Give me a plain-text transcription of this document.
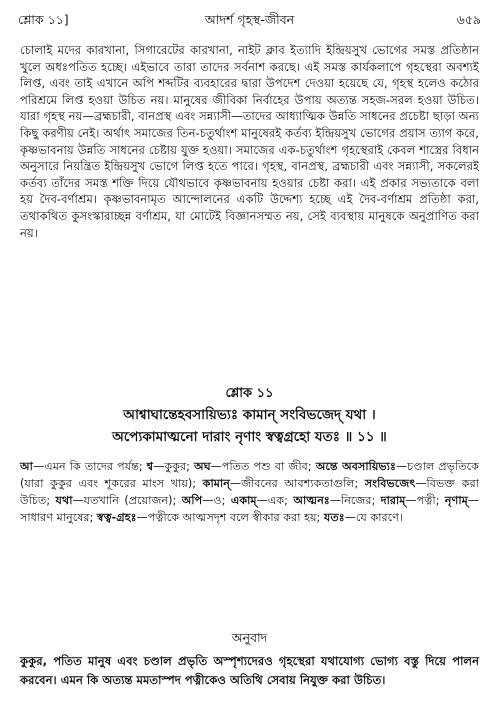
আদর্শ গৃহস্থ-জীবন
শ্লোক ১১]	৬৫৯

চোলাই মদের কারখানা, সিগারেটের কারখানা, নাইট ক্লাব ইত্যাদি ইন্দ্রিয়সুখ ভোগের সমস্ত প্রতিষ্ঠান খুলে অধঃপতিত হচ্ছে। এইভাবে তারা তাদের সর্বনাশ করছে। এই সমস্ত কার্যকলাপে গৃহস্থেরা অবশ্যই লিপ্ত, এবং তাই এখানে অপি শব্দটির ব্যবহারের দ্বারা উপদেশ দেওয়া হয়েছে যে, গৃহস্থ হলেও কঠোর পরিশ্রমে লিপ্ত হওয়া উচিত নয়। মানুষের জীবিকা নির্বাহের উপায় অত্যন্ত সহজ-সরল হওয়া উচিত। যারা গৃহস্থ নয়—ব্রহ্মচারী, বানপ্রস্থ এবং সন্ন্যাসী—তাদের আধ্যাত্মিক উন্নতি সাধনের প্রচেষ্টা ছাড়া অন্য কিছু করণীয় নেই। অর্থাৎ সমাজের তিন-চতুর্থাংশ মানুষেরই কর্তব্য ইন্দ্রিয়সুখ ভোগের প্রয়াস ত্যাগ করে, কৃষ্ণভাবনায় উন্নতি সাধনের চেষ্টায় যুক্ত হওয়া। সমাজের এক-চতুর্থাংশ গৃহস্থেরাই কেবল শাস্ত্রের বিধান অনুসারে নিয়ন্ত্রিত ইন্দ্রিয়সুখ ভোগে লিপ্ত হতে পারে। গৃহস্থ, বানপ্রস্থ, ব্রহ্মচারী এবং সন্ন্যাসী, সকলেরই কর্তব্য তাঁদের সমস্ত শক্তি দিয়ে যৌথভাবে কৃষ্ণভাবনায় হওয়ার চেষ্টা করা। এই প্রকার সভ্যতাকে বলা হয় দৈব-বর্ণাশ্রম। কৃষ্ণভাবনামৃত আন্দোলনের একটি উদ্দেশ্য হচ্ছে এই দৈব-বর্ণাশ্রম প্রতিষ্ঠা করা, তথাকথিত কুসংস্কারাচ্ছন্ন বর্ণাশ্রম, যা মোটেই বিজ্ঞানসম্মত নয়, সেই ব্যবস্থায় মানুষকে অনুপ্রাণিত করা নয়।

শ্লোক ১১
আশ্বাঘান্তেহবসায়িভ্যঃ কামান্ সংবিভজেদ্ যথা ।
অপ্যেকামাত্মনো দারাং নৃণাং স্বত্বগ্রহো যতঃ ॥ ১১ ॥

আ—এমন কি তাদের পর্যন্ত; শ্ব—কুকুর; অঘ—পতিত পশু বা জীব; অন্তে অবসায়িভ্যঃ—চণ্ডাল প্রভৃতিকে (যারা কুকুর এবং শূকরের মাংস খায়); কামান্—জীবনের আবশ্যকতাগুলি; সংবিভজেৎ—বিভক্ত করা উচিত; যথা—যতখানি (প্রয়োজন); অপি—ও; একাম্—এক; আত্মনঃ—নিজের; দারাম্—পত্নী; নৃণাম্—সাধারণ মানুষের; স্বত্ব-গ্রহঃ—পত্নীকে আত্মসদৃশ বলে স্বীকার করা হয়; যতঃ—যে কারণে।

অনুবাদ

কুকুর, পতিত মানুষ এবং চণ্ডাল প্রভৃতি অস্পৃশ্যদেরও গৃহস্থেরা যথাযোগ্য ভোগ্য বস্তু দিয়ে পালন করবেন। এমন কি অত্যন্ত মমতাস্পদ পত্নীকেও অতিথি সেবায় নিযুক্ত করা উচিত।
